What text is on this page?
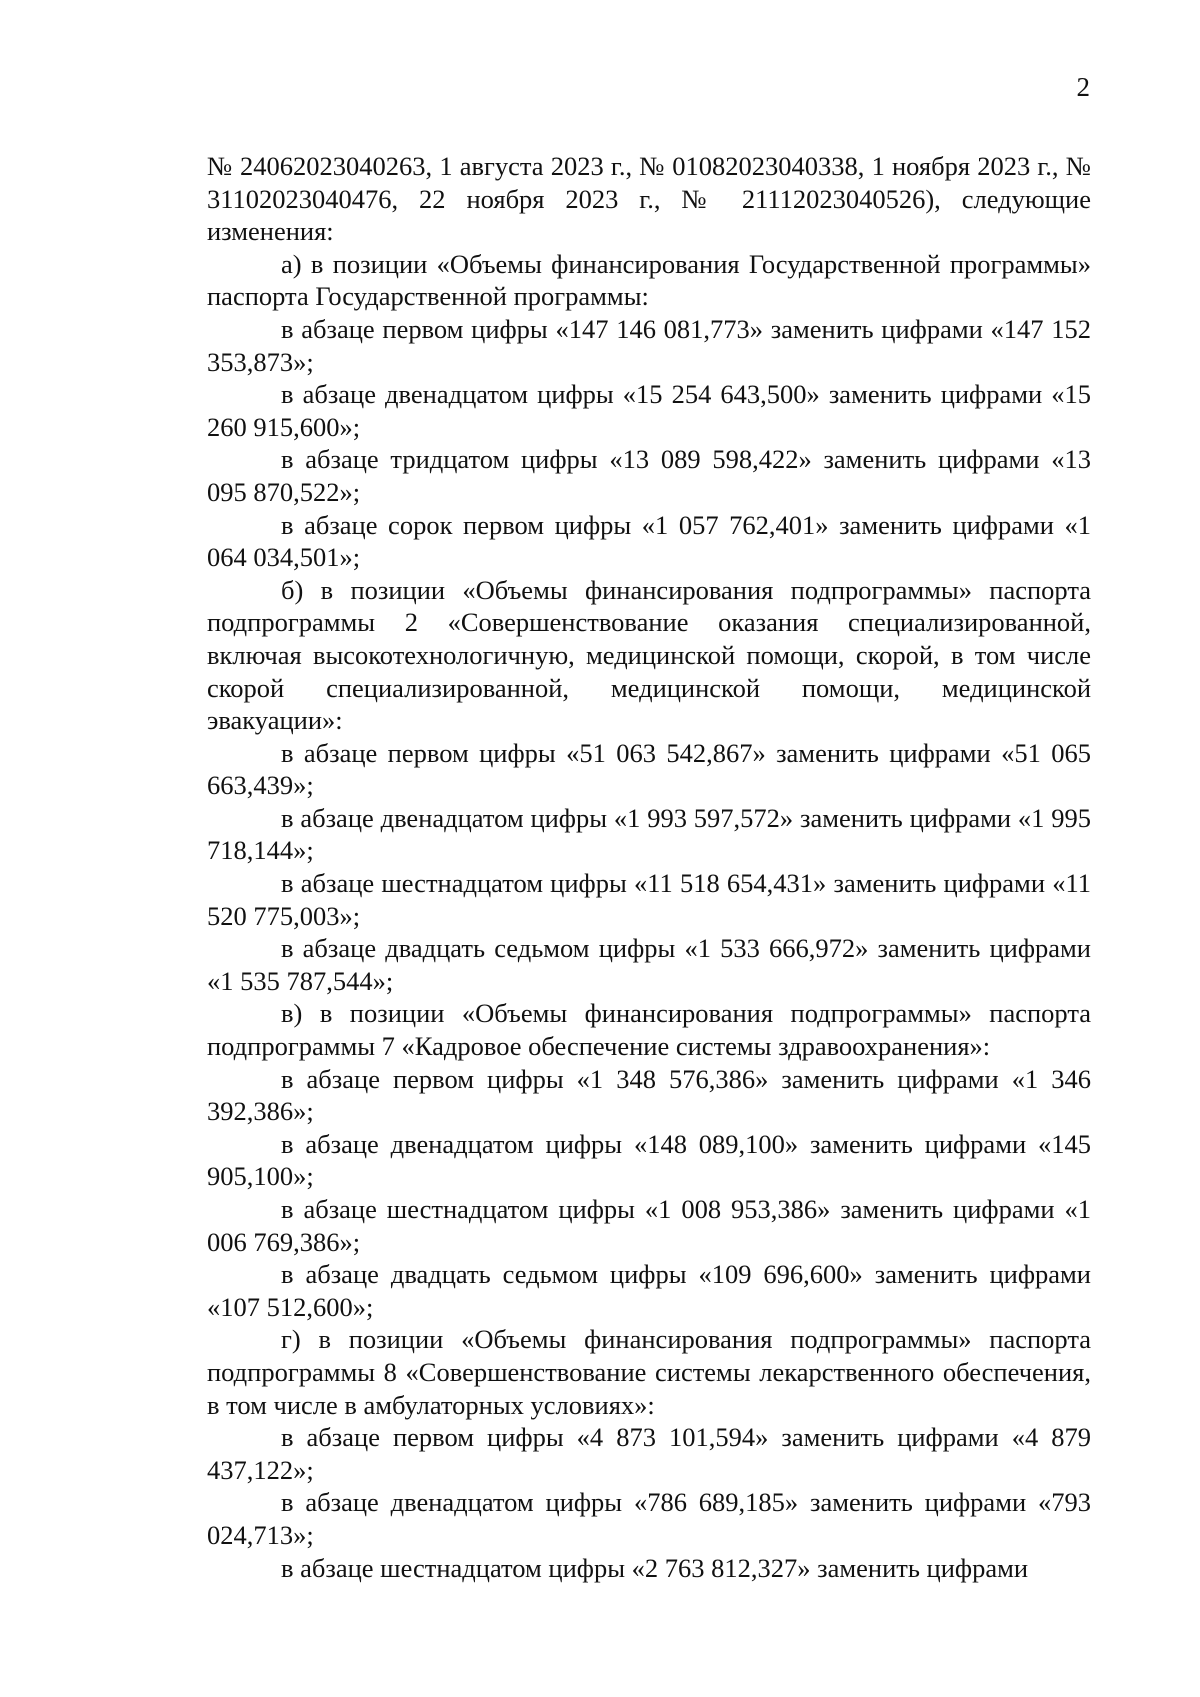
2

№ 24062023040263, 1 августа 2023 г., № 01082023040338, 1 ноября 2023 г., № 31102023040476, 22 ноября 2023 г., № 21112023040526), следующие изменения:

а) в позиции «Объемы финансирования Государственной программы» паспорта Государственной программы:

в абзаце первом цифры «147 146 081,773» заменить цифрами «147 152 353,873»;

в абзаце двенадцатом цифры «15 254 643,500» заменить цифрами «15 260 915,600»;

в абзаце тридцатом цифры «13 089 598,422» заменить цифрами «13 095 870,522»;

в абзаце сорок первом цифры «1 057 762,401» заменить цифрами «1 064 034,501»;

б) в позиции «Объемы финансирования подпрограммы» паспорта подпрограммы 2 «Совершенствование оказания специализированной, включая высокотехнологичную, медицинской помощи, скорой, в том числе скорой специализированной, медицинской помощи, медицинской эвакуации»:

в абзаце первом цифры «51 063 542,867» заменить цифрами «51 065 663,439»;

в абзаце двенадцатом цифры «1 993 597,572» заменить цифрами «1 995 718,144»;

в абзаце шестнадцатом цифры «11 518 654,431» заменить цифрами «11 520 775,003»;

в абзаце двадцать седьмом цифры «1 533 666,972» заменить цифрами «1 535 787,544»;

в) в позиции «Объемы финансирования подпрограммы» паспорта подпрограммы 7 «Кадровое обеспечение системы здравоохранения»:

в абзаце первом цифры «1 348 576,386» заменить цифрами «1 346 392,386»;

в абзаце двенадцатом цифры «148 089,100» заменить цифрами «145 905,100»;

в абзаце шестнадцатом цифры «1 008 953,386» заменить цифрами «1 006 769,386»;

в абзаце двадцать седьмом цифры «109 696,600» заменить цифрами «107 512,600»;

г) в позиции «Объемы финансирования подпрограммы» паспорта подпрограммы 8 «Совершенствование системы лекарственного обеспечения, в том числе в амбулаторных условиях»:

в абзаце первом цифры «4 873 101,594» заменить цифрами «4 879 437,122»;

в абзаце двенадцатом цифры «786 689,185» заменить цифрами «793 024,713»;

в абзаце шестнадцатом цифры «2 763 812,327» заменить цифрами
